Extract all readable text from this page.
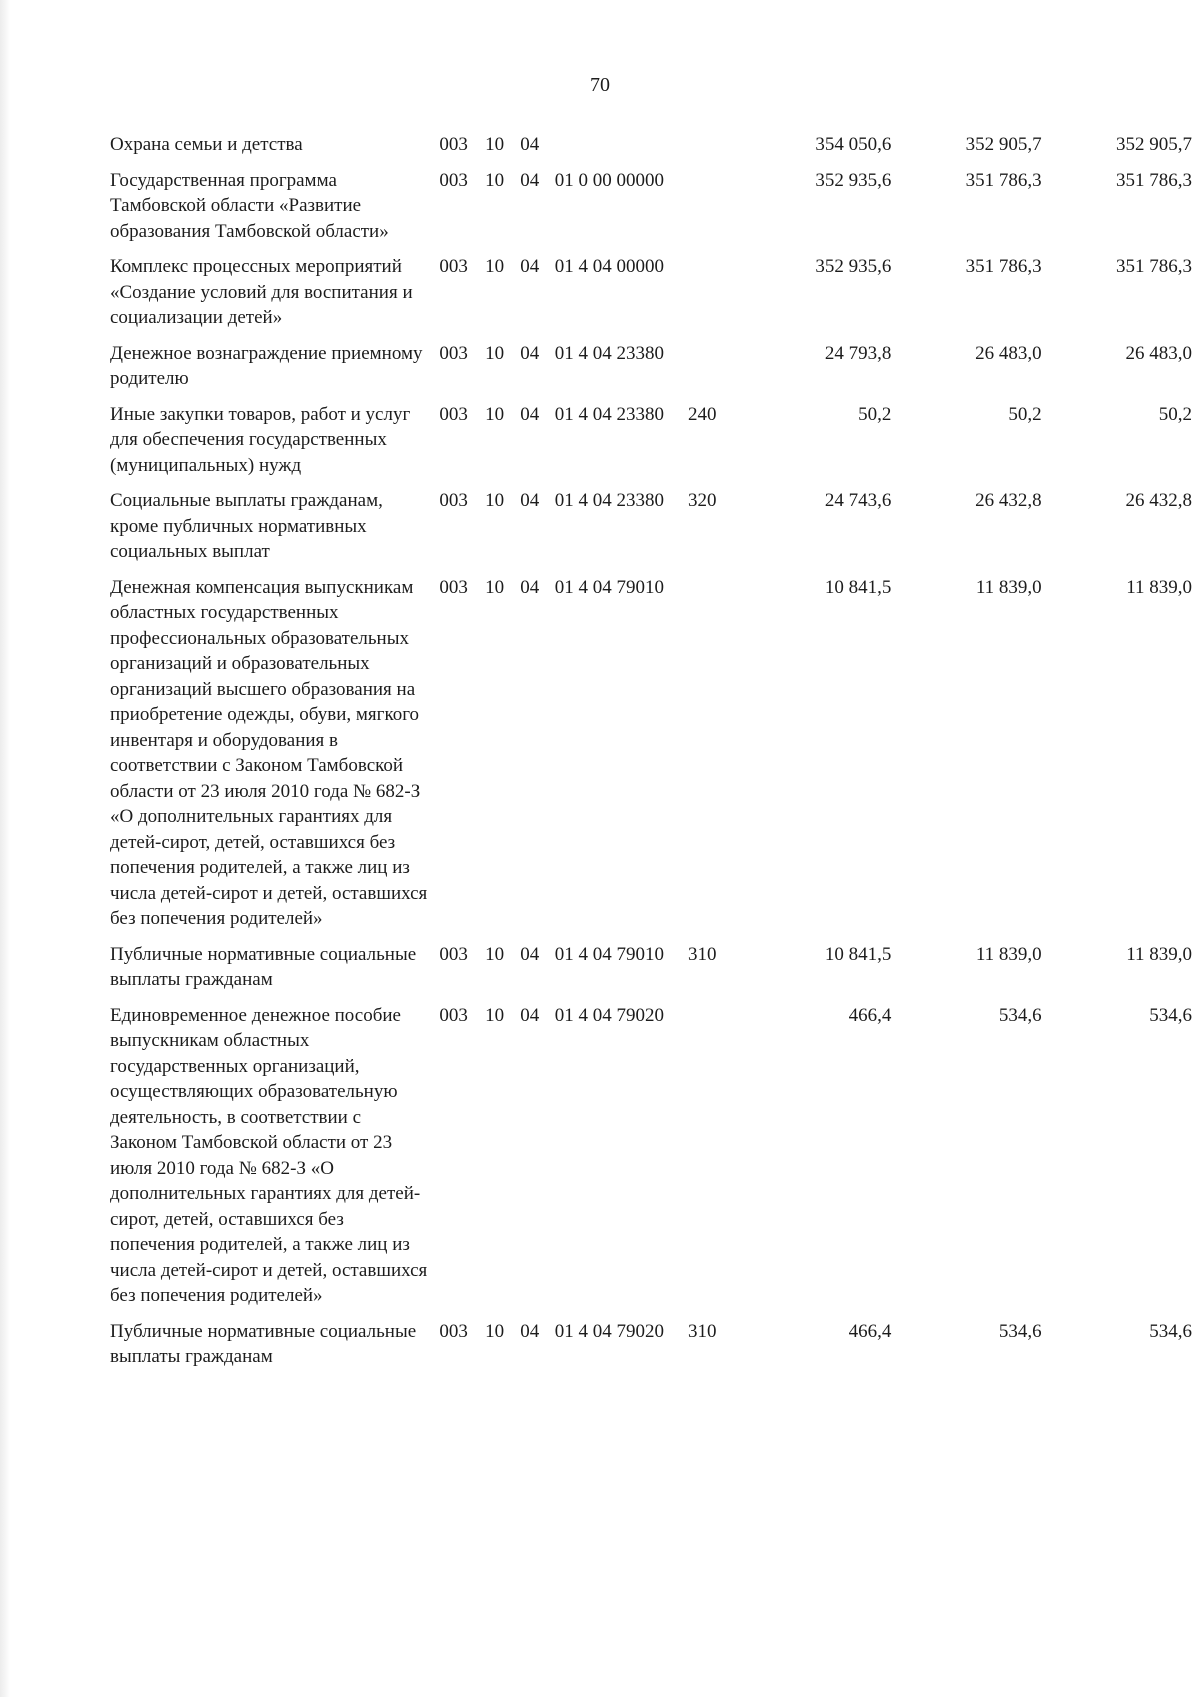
70
Охрана семьи и детства	003	10	04			354 050,6	352 905,7	352 905,7
Государственная программа Тамбовской области «Развитие образования Тамбовской области»	003	10	04	01 0 00 00000		352 935,6	351 786,3	351 786,3
Комплекс процессных мероприятий «Создание условий для воспитания и социализации детей»	003	10	04	01 4 04 00000		352 935,6	351 786,3	351 786,3
Денежное вознаграждение приемному родителю	003	10	04	01 4 04 23380		24 793,8	26 483,0	26 483,0
Иные закупки товаров, работ и услуг для обеспечения государственных (муниципальных) нужд	003	10	04	01 4 04 23380	240	50,2	50,2	50,2
Социальные выплаты гражданам, кроме публичных нормативных социальных выплат	003	10	04	01 4 04 23380	320	24 743,6	26 432,8	26 432,8
Денежная компенсация выпускникам областных государственных профессиональных образовательных организаций и образовательных организаций высшего образования на приобретение одежды, обуви, мягкого инвентаря и оборудования в соответствии с Законом Тамбовской области от 23 июля 2010 года № 682-З «О дополнительных гарантиях для детей-сирот, детей, оставшихся без попечения родителей, а также лиц из числа детей-сирот и детей, оставшихся без попечения родителей»	003	10	04	01 4 04 79010		10 841,5	11 839,0	11 839,0
Публичные нормативные социальные выплаты гражданам	003	10	04	01 4 04 79010	310	10 841,5	11 839,0	11 839,0
Единовременное денежное пособие выпускникам областных государственных организаций, осуществляющих образовательную деятельность, в соответствии с Законом Тамбовской области от 23 июля 2010 года № 682-З «О дополнительных гарантиях для детей-сирот, детей, оставшихся без попечения родителей, а также лиц из числа детей-сирот и детей, оставшихся без попечения родителей»	003	10	04	01 4 04 79020		466,4	534,6	534,6
Публичные нормативные социальные выплаты гражданам	003	10	04	01 4 04 79020	310	466,4	534,6	534,6
